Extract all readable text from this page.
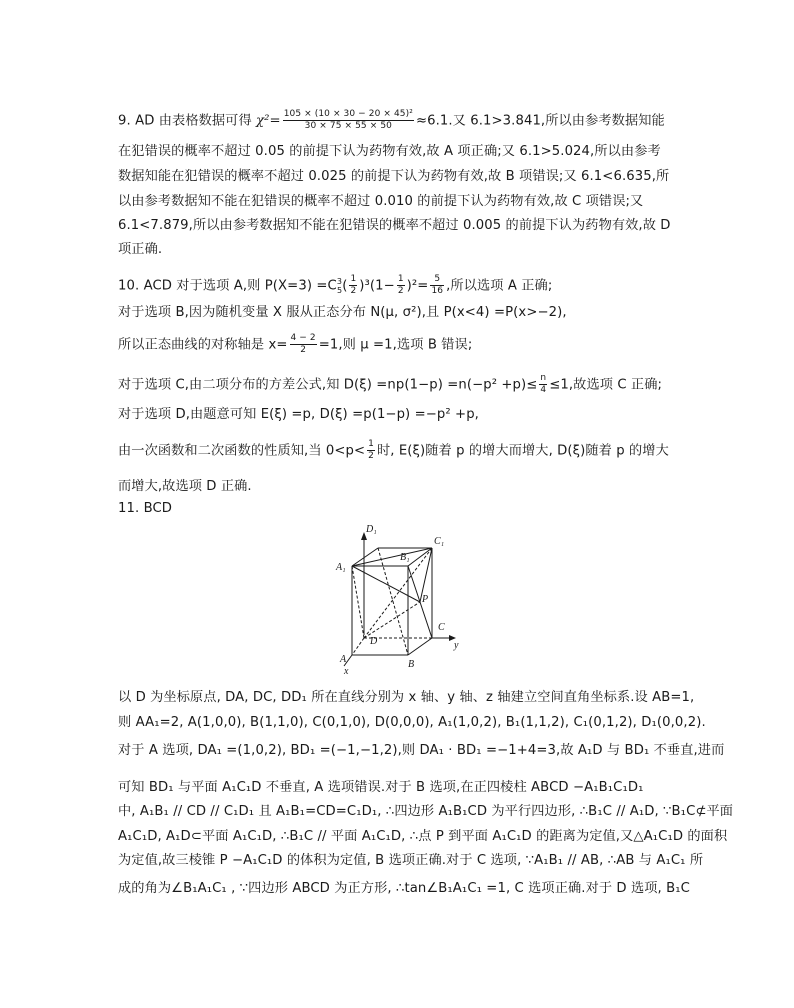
9. AD 由表格数据可得 $\chi^2= \frac{\text{105 × (10 × 30 − 20 × 45)²}}{30 \times 75 \times 55 \times 50} \approx 6.1$.又 6.1>3.841,所以由参考数据知能
在犯错误的概率不超过 0.05 的前提下认为药物有效,故 A 项正确;又 6.1>5.024,所以由参考
数据知能在犯错误的概率不超过 0.025 的前提下认为药物有效,故 B 项错误;又 6.1<6.635,所
以由参考数据知不能在犯错误的概率不超过 0.010 的前提下认为药物有效,故 C 项错误;又
6.1<7.879,所以由参考数据知不能在犯错误的概率不超过 0.005 的前提下认为药物有效,故 D
项正确.
10. ACD 对于选项 A,则 $P(X=3) =C^3_5( \frac{1}{2} )^3(1- \frac{1}{2} )^2= \frac{5}{16}$ ,所以选项 A 正确;
对于选项 B,因为随机变量 X 服从正态分布 N(μ, σ²),且 P(x<4) =P(x>−2),
所以正态曲线的对称轴是 $x= \frac{4 - 2}{2} =1$,则 μ =1,选项 B 错误;
对于选项 C,由二项分布的方差公式,知 $D(\xi) =np(1-p) =n(-p^2 +p)\le \frac{n}{4} \le 1$,故选项 C 正确;
对于选项 D,由题意可知 E(ξ) =p, D(ξ) =p(1−p) =−p² +p,
由一次函数和二次函数的性质知,当 $0<p< \frac{1}{2}$ 时, E(ξ)随着 p 的增大而增大, D(ξ)随着 p 的增大
而增大,故选项 D 正确.
11. BCD
D₁
C₁
A₁
B₁
P
D
C
y
A
x
B
以 D 为坐标原点, DA, DC, DD₁ 所在直线分别为 x 轴、y 轴、z 轴建立空间直角坐标系.设 AB=1,
则 AA₁=2, A(1,0,0), B(1,1,0), C(0,1,0), D(0,0,0), A₁(1,0,2), B₁(1,1,2), C₁(0,1,2), D₁(0,0,2).
对于 A 选项, DA₁ =(1,0,2), BD₁ =(−1,−1,2),则 DA₁ · BD₁ =−1+4=3,故 A₁D 与 BD₁ 不垂直,进而
可知 BD₁ 与平面 A₁C₁D 不垂直, A 选项错误.对于 B 选项,在正四棱柱 ABCD −A₁B₁C₁D₁
中, A₁B₁ // CD // C₁D₁ 且 A₁B₁=CD=C₁D₁, ∴四边形 A₁B₁CD 为平行四边形, ∴B₁C // A₁D, ∵B₁C⊄平面
A₁C₁D, A₁D⊂平面 A₁C₁D, ∴B₁C // 平面 A₁C₁D, ∴点 P 到平面 A₁C₁D 的距离为定值,又△A₁C₁D 的面积
为定值,故三棱锥 P −A₁C₁D 的体积为定值, B 选项正确.对于 C 选项, ∵A₁B₁ // AB, ∴AB 与 A₁C₁ 所
成的角为∠B₁A₁C₁ , ∵四边形 ABCD 为正方形, ∴tan∠B₁A₁C₁ =1, C 选项正确.对于 D 选项, B₁C
